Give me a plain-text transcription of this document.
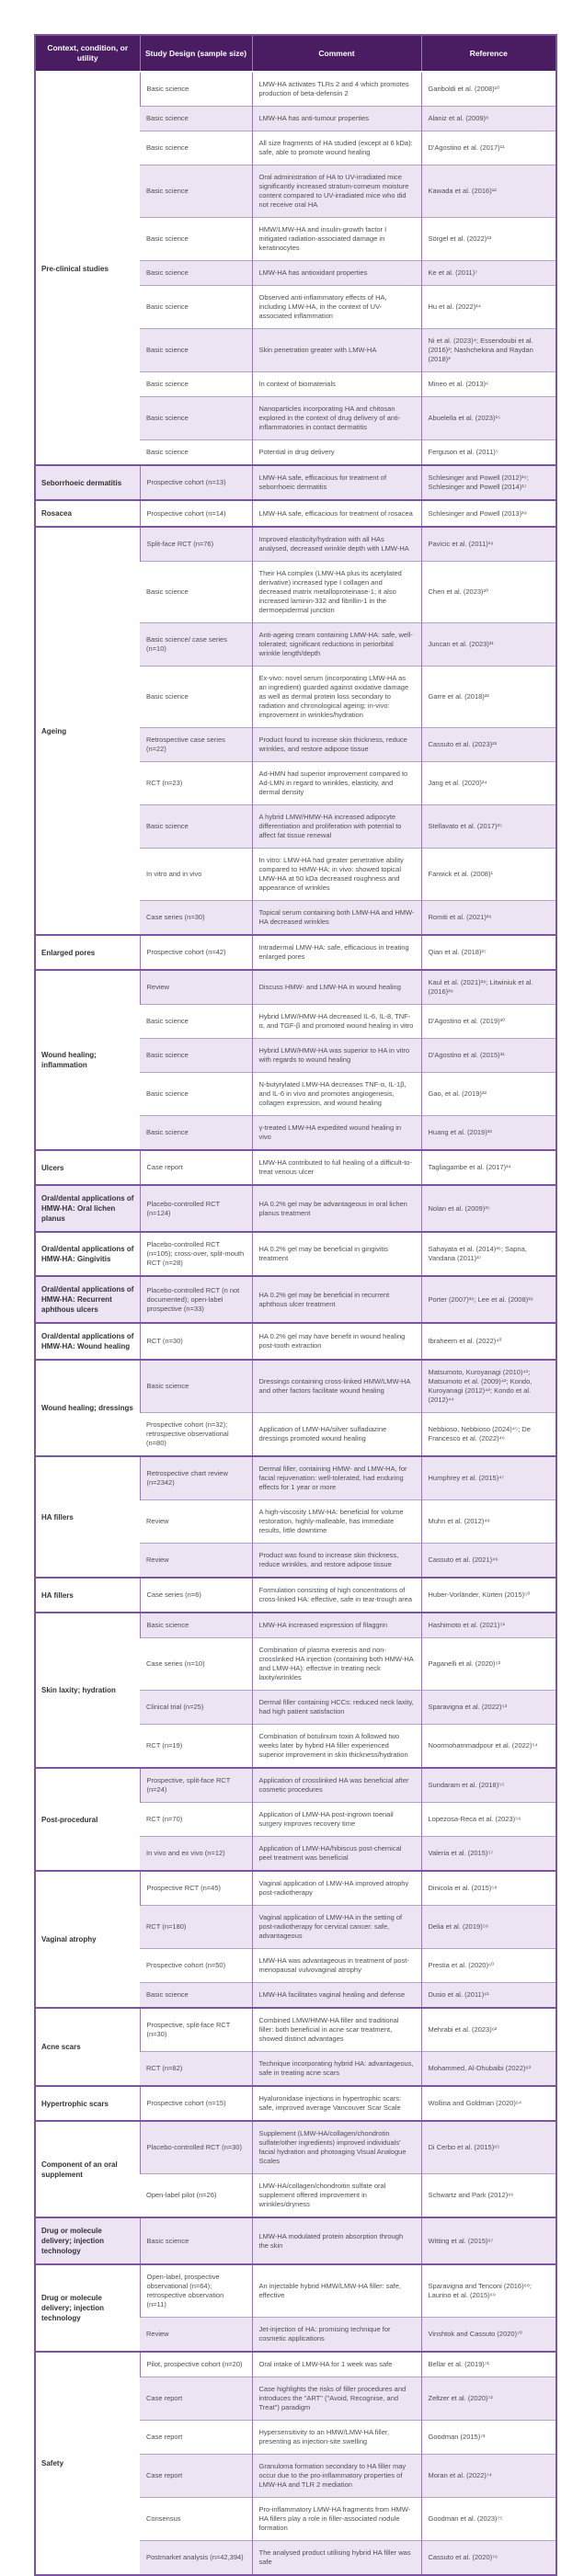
Context, condition, or utility	Study Design (sample size)	Comment	Reference
Pre-clinical studies	Basic science	LMW-HA activates TLRs 2 and 4 which promotes production of beta-defensin 2	Gariboldi et al. (2008)¹⁰
	Basic science	LMW-HA has anti-tumour properties	Alaniz et al. (2009)⁸
	Basic science	All size fragments of HA studied (except at 6 kDa): safe, able to promote wound healing	D'Agostino et al. (2017)¹¹
	Basic science	Oral administration of HA to UV-irradiated mice significantly increased stratum-corneum moisture content compared to UV-irradiated mice who did not receive oral HA	Kawada et al. (2016)¹²
	Basic science	HMW/LMW-HA and insulin-growth factor I mitigated radiation-associated damage in keratinocytes	Sörgel et al. (2022)¹³
	Basic science	LMW-HA has antioxidant properties	Ke et al. (2011)⁷
	Basic science	Observed anti-inflammatory effects of HA, including LMW-HA, in the context of UV-associated inflammation	Hu et al. (2022)¹⁴
	Basic science	Skin penetration greater with LMW-HA	Ni et al. (2023)⁴; Essendoubi et al. (2016)²; Nashchekina and Raydan (2018)³
	Basic science	In context of biomaterials	Mineo et al. (2013)⁶
	Basic science	Nanoparticles incorporating HA and chitosan explored in the context of drug delivery of anti-inflammatories in contact dermatitis	Abuelella et al. (2023)¹⁵
	Basic science	Potential in drug delivery	Ferguson et al. (2011)⁵
Seborrhoeic dermatitis	Prospective cohort (n=13)	LMW-HA safe, efficacious for treatment of seborrhoeic dermatitis	Schlesinger and Powell (2012)¹⁶; Schlesinger and Powell (2014)¹⁷
Rosacea	Prospective cohort (n=14)	LMW-HA safe, efficacious for treatment of rosacea	Schlesinger and Powell (2013)¹⁸
Ageing	Split-face RCT (n=76)	Improved elasticity/hydration with all HAs analysed, decreased wrinkle depth with LMW-HA	Pavicic et al. (2011)¹⁹
	Basic science	Their HA complex (LMW-HA plus its acetylated derivative) increased type I collagen and decreased matrix metalloproteinase-1; it also increased laminin-332 and fibrillin-1 in the dermoepidermal junction	Chen et al. (2023)²⁰
	Basic science/ case series (n=10)	Anti-ageing cream containing LMW-HA: safe, well-tolerated; significant reductions in periorbital wrinkle length/depth	Juncan et al. (2023)²¹
	Basic science	Ex-vivo: novel serum (incorporating LMW-HA as an ingredient) guarded against oxidative damage as well as dermal protein loss secondary to radiation and chronological ageing; in-vivo: improvement in wrinkles/hydration	Garre et al. (2018)²²
	Retrospective case series (n=22)	Product found to increase skin thickness, reduce wrinkles, and restore adipose tissue	Cassuto et al. (2023)²³
	RCT (n=23)	Ad-HMN had superior improvement compared to Ad-LMN in regard to wrinkles, elasticity, and dermal density	Jang et al. (2020)²⁴
	Basic science	A hybrid LMW/HMW-HA increased adipocyte differentiation and proliferation with potential to affect fat tissue renewal	Stellavato et al. (2017)²⁵
	In vitro and in vivo	In vitro: LMW-HA had greater penetrative ability compared to HMW-HA; in vivo: showed topical LMW-HA at 50 kDa decreased roughness and appearance of wrinkles	Farwick et al. (2008)¹
	Case series (n=30)	Topical serum containing both LMW-HA and HMW-HA decreased wrinkles	Romiti et al. (2021)²⁶
Enlarged pores	Prospective cohort (n=42)	Intradermal LMW-HA: safe, efficacious in treating enlarged pores	Qian et al. (2018)²⁷
Wound healing; inflammation	Review	Discuss HMW- and LMW-HA in wound healing	Kaul et al. (2021)²⁸; Litwiniuk et al. (2016)²⁹
	Basic science	Hybrid LMW/HMW-HA decreased IL-6, IL-8, TNF-α, and TGF-β and promoted wound healing in vitro	D'Agostino et al. (2019)³⁰
	Basic science	Hybrid LMW/HMW-HA was superior to HA in vitro with regards to wound healing	D'Agostino et al. (2015)³¹
	Basic science	N-butyrylated LMW-HA decreases TNF-α, IL-1β, and IL-6 in vivo and promotes angiogenesis, collagen expression, and wound healing	Gao, et al. (2019)³²
	Basic science	γ-treated LMW-HA expedited wound healing in vivo	Huang et al. (2019)³³
Ulcers	Case report	LMW-HA contributed to full healing of a difficult-to-treat venous ulcer	Tagliagambe et al. (2017)³⁴
Oral/dental applications of HMW-HA: Oral lichen planus	Placebo-controlled RCT (n=124)	HA 0.2% gel may be advantageous in oral lichen planus treatment	Nolan et al. (2009)³⁵
Oral/dental applications of HMW-HA: Gingivitis	Placebo-controlled RCT (n=105); cross-over, split-mouth RCT (n=28)	HA 0.2% gel may be beneficial in gingivitis treatment	Sahayata et al. (2014)³⁶; Sapna, Vandana (2011)³⁷
Oral/dental applications of HMW-HA: Recurrent aphthous ulcers	Placebo-controlled RCT (n not documented); open-label prospective (n=33)	HA 0.2% gel may be beneficial in recurrent aphthous ulcer treatment	Porter (2007)³⁸; Lee et al. (2008)³⁹
Oral/dental applications of HMW-HA: Wound healing	RCT (n=30)	HA 0.2% gel may have benefit in wound healing post-tooth extraction	Ibraheem et al. (2022)⁴⁰
Wound healing; dressings	Basic science	Dressings containing cross-linked HMW/LMW-HA and other factors facilitate wound healing	Matsumoto, Kuroyanagi (2010)⁴¹; Matsumoto et al. (2009)⁴²; Kondo, Kuroyanagi (2012)⁴³; Kondo et al. (2012)⁴⁴
	Prospective cohort (n=32); retrospective observational (n=80)	Application of LMW-HA/silver sulfadiazine dressings promoted wound healing	Nebbioso, Nebbioso (2024)⁴⁵; De Francesco et al. (2022)⁴⁶
HA fillers	Retrospective chart review (n=2342)	Dermal filler, containing HMW- and LMW-HA, for facial rejuvenation: well-tolerated, had enduring effects for 1 year or more	Humphrey et al. (2015)⁴⁷
	Review	A high-viscosity LMW-HA: beneficial for volume restoration, highly-malleable, has immediate results, little downtime	Muhn et al. (2012)⁴⁸
	Review	Product was found to increase skin thickness, reduce wrinkles, and restore adipose tissue	Cassuto et al. (2021)⁴⁹
HA fillers	Case series (n=6)	Formulation consisting of high concentrations of cross-linked HA: effective, safe in tear-trough area	Huber-Vorländer, Kürten (2015)⁵⁰
Skin laxity; hydration	Basic science	LMW-HA increased expression of filaggrin	Hashimoto et al. (2021)⁵¹
	Case series (n=10)	Combination of plasma exeresis and non-crosslinked HA injection (containing both HMW-HA and LMW-HA): effective in treating neck laxity/wrinkles	Paganelli et al. (2020)⁵²
	Clinical trial (n=25)	Dermal filler containing HCCs: reduced neck laxity, had high patient satisfaction	Sparavigna et al. (2022)⁵³
	RCT (n=19)	Combination of botulinum toxin A followed two weeks later by hybrid HA filler experienced superior improvement in skin thickness/hydration	Noormohammadpour et al. (2022)⁵⁴
Post-procedural	Prospective, split-face RCT (n=24)	Application of crosslinked HA was beneficial after cosmetic procedures	Sundaram et al. (2018)⁵⁵
	RCT (n=70)	Application of LMW-HA post-ingrown toenail surgery improves recovery time	Lopezosa-Reca et al. (2023)⁵⁶
	In vivo and ex vivo (n=12)	Application of LMW-HA/hibiscus post-chemical peel treatment was beneficial	Valeria et al. (2015)⁵⁷
Vaginal atrophy	Prospective RCT (n=45)	Vaginal application of LMW-HA improved atrophy post-radiotherapy	Dinicola et al. (2015)⁵⁸
	RCT (n=180)	Vaginal application of LMW-HA in the setting of post-radiotherapy for cervical cancer: safe, advantageous	Delia et al. (2019)⁵⁹
	Prospective cohort (n=50)	LMW-HA was advantageous in treatment of post-menopausal vulvovaginal atrophy	Prestia et al. (2020)⁶⁰
	Basic science	LMW-HA facilitates vaginal healing and defense	Dusio et al. (2011)⁶¹
Acne scars	Prospective, split-face RCT (n=30)	Combined LMW/HMW-HA filler and traditional filler: both beneficial in acne scar treatment, showed distinct advantages	Mehrabi et al. (2023)⁶²
	RCT (n=82)	Technique incorporating hybrid HA: advantageous, safe in treating acne scars	Mohammed, Al-Dhubaibi (2022)⁶³
Hypertrophic scars	Prospective cohort (n=15)	Hyaluronidase injections in hypertrophic scars: safe, improved average Vancouver Scar Scale	Wollina and Goldman (2020)⁶⁴
Component of an oral supplement	Placebo-controlled RCT (n=30)	Supplement (LMW-HA/collagen/chondrotin sulfate/other ingredients) improved individuals' facial hydration and photoaging Visual Analogue Scales	Di Cerbo et al. (2015)⁶⁵
	Open-label pilot (n=26)	LMW-HA/collagen/chondroitin sulfate oral supplement offered improvement in wrinkles/dryness	Schwartz and Park (2012)⁶⁶
Drug or molecule delivery; injection technology	Basic science	LMW-HA modulated protein absorption through the skin	Witting et al. (2015)⁶⁷
Drug or molecule delivery; injection technology	Open-label, prospective observational (n=64); retrospective observation (n=11)	An injectable hybrid HMW/LMW-HA filler: safe, effective	Sparavigna and Tenconi (2016)⁶⁸; Laurino et al. (2015)⁶⁹
	Review	Jet-injection of HA: promising technique for cosmetic applications	Vinshtok and Cassuto (2020)⁷⁰
Safety	Pilot, prospective cohort (n=20)	Oral intake of LMW-HA for 1 week was safe	Bellar et al. (2019)⁷¹
	Case report	Case highlights the risks of filler procedures and introduces the "ART" ("Avoid, Recognise, and Treat") paradigm	Zeltzer et al. (2020)⁷²
	Case report	Hypersensitivity to an HMW/LMW-HA filler, presenting as injection-site swelling	Goodman (2015)⁷³
	Case report	Granuloma formation secondary to HA filler may occur due to the pro-inflammatory properties of LMW-HA and TLR 2 mediation	Moran et al. (2022)⁷⁴
	Consensus	Pro-inflammatory LMW-HA fragments from HMW-HA fillers play a role in filler-associated nodule formation	Goodman et al. (2023)⁷⁵
	Postmarket analysis (n=42,394)	The analysed product utilising hybrid HA filler was safe	Cassuto et al. (2020)⁷⁶
